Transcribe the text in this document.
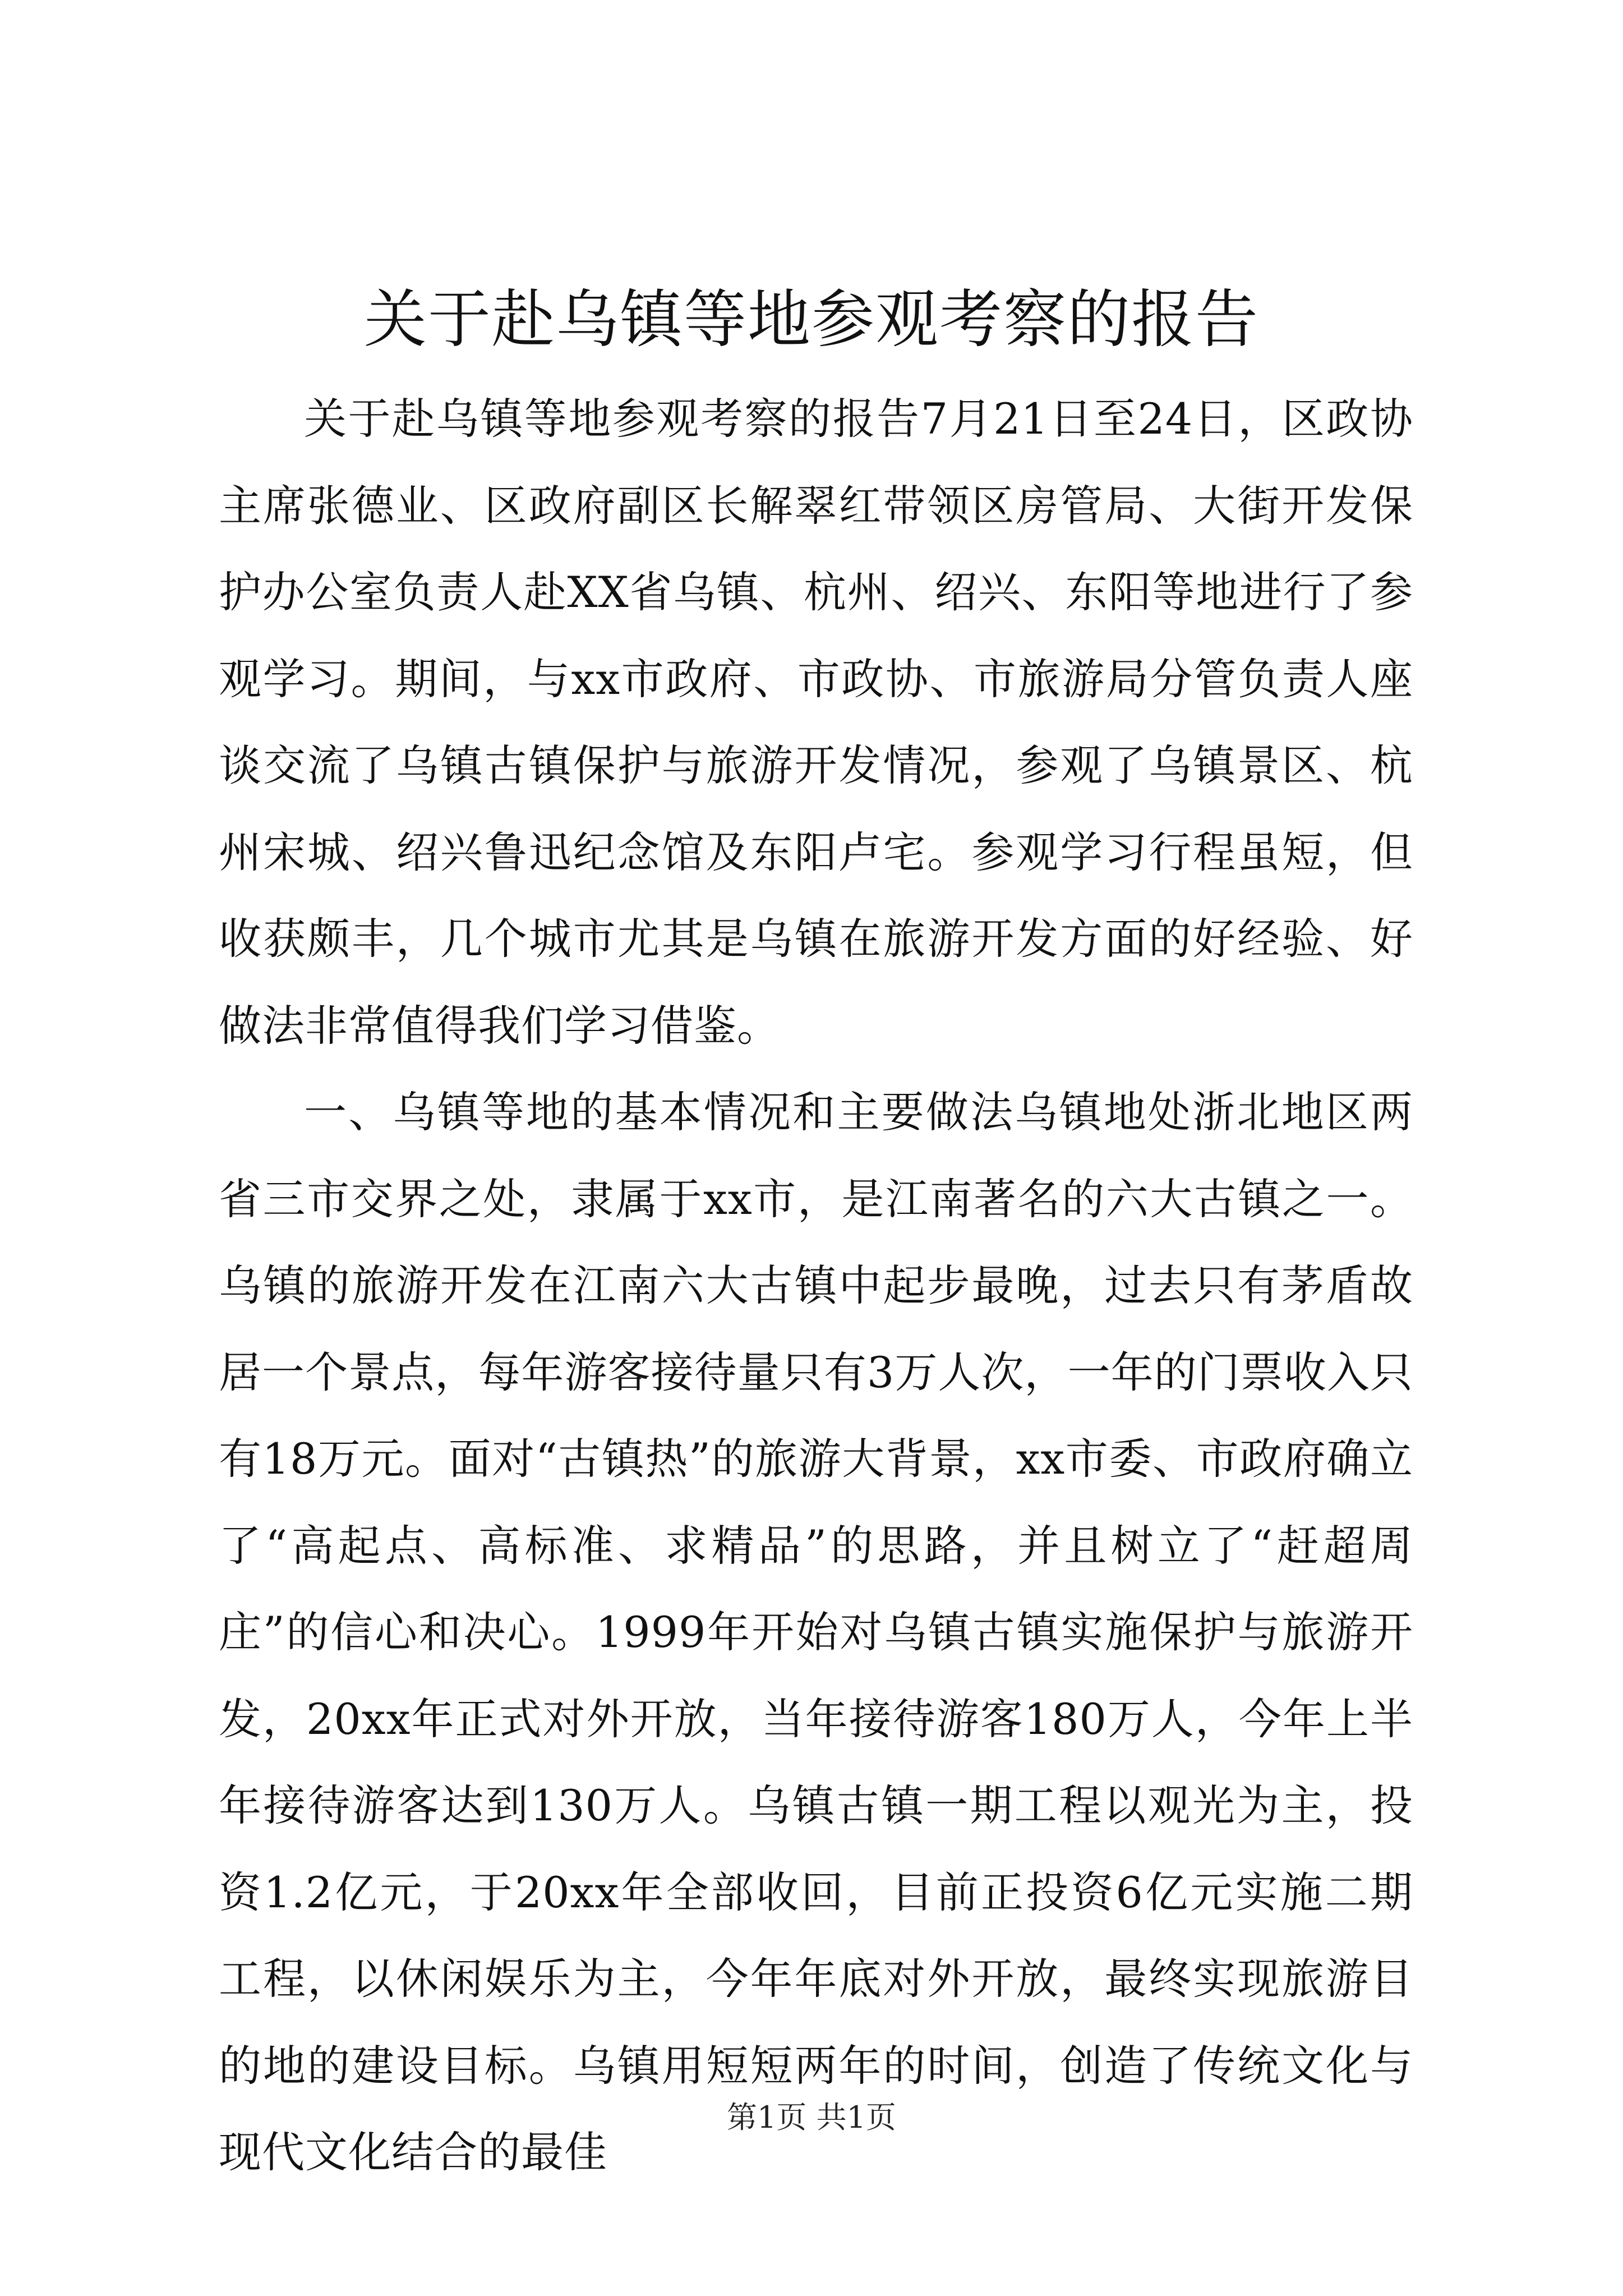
关于赴乌镇等地参观考察的报告

关于赴乌镇等地参观考察的报告7月21日至24日，区政协主席张德业、区政府副区长解翠红带领区房管局、大街开发保护办公室负责人赴XX省乌镇、杭州、绍兴、东阳等地进行了参观学习。期间，与xx市政府、市政协、市旅游局分管负责人座谈交流了乌镇古镇保护与旅游开发情况，参观了乌镇景区、杭州宋城、绍兴鲁迅纪念馆及东阳卢宅。参观学习行程虽短，但收获颇丰，几个城市尤其是乌镇在旅游开发方面的好经验、好做法非常值得我们学习借鉴。

一、乌镇等地的基本情况和主要做法乌镇地处浙北地区两省三市交界之处，隶属于xx市，是江南著名的六大古镇之一。乌镇的旅游开发在江南六大古镇中起步最晚，过去只有茅盾故居一个景点，每年游客接待量只有3万人次，一年的门票收入只有18万元。面对“古镇热”的旅游大背景，xx市委、市政府确立了“高起点、高标准、求精品”的思路，并且树立了“赶超周庄”的信心和决心。1999年开始对乌镇古镇实施保护与旅游开发，20xx年正式对外开放，当年接待游客180万人，今年上半年接待游客达到130万人。乌镇古镇一期工程以观光为主，投资1.2亿元，于20xx年全部收回，目前正投资6亿元实施二期工程，以休闲娱乐为主，今年年底对外开放，最终实现旅游目的地的建设目标。乌镇用短短两年的时间，创造了传统文化与现代文化结合的最佳

第1页 共1页
